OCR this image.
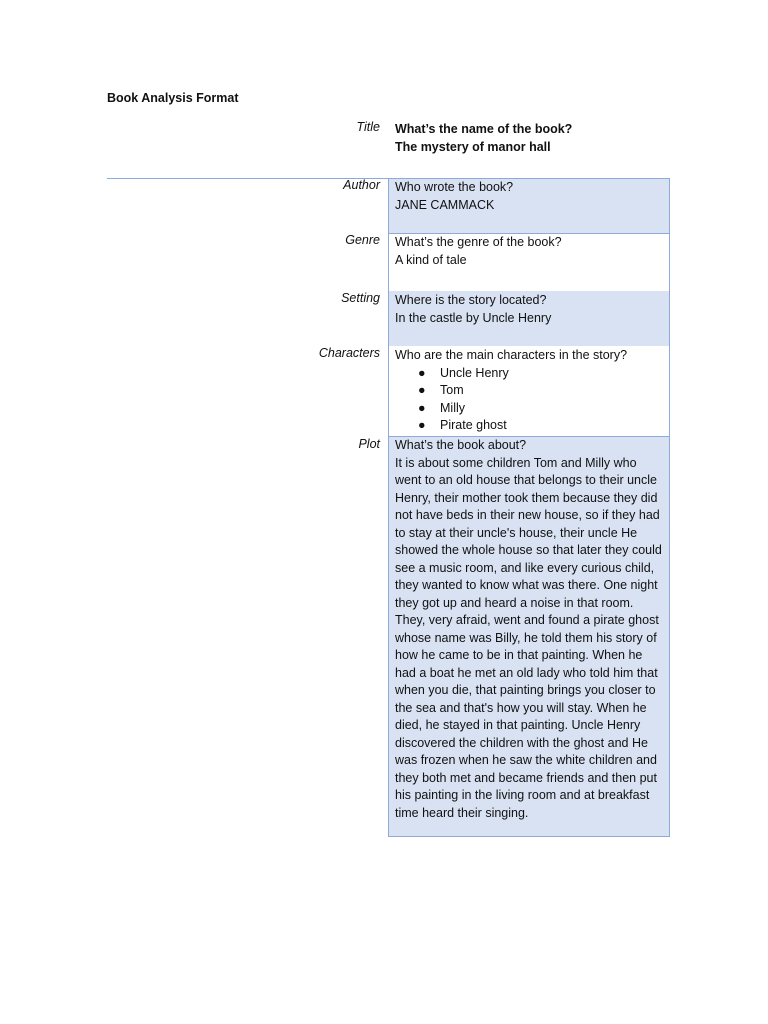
Book Analysis Format
Title What’s the name of the book?
The mystery of manor hall
Author Who wrote the book?
JANE CAMMACK
Genre What’s the genre of the book?
A kind of tale
Setting Where is the story located?
In the castle by Uncle Henry
Characters Who are the main characters in the story?
● Uncle Henry
● Tom
● Milly
● Pirate ghost
Plot What’s the book about?
It is about some children Tom and Milly who went to an old house that belongs to their uncle Henry, their mother took them because they did not have beds in their new house, so if they had to stay at their uncle's house, their uncle He showed the whole house so that later they could see a music room, and like every curious child, they wanted to know what was there. One night they got up and heard a noise in that room. They, very afraid, went and found a pirate ghost whose name was Billy, he told them his story of how he came to be in that painting. When he had a boat he met an old lady who told him that when you die, that painting brings you closer to the sea and that's how you will stay. When he died, he stayed in that painting. Uncle Henry discovered the children with the ghost and He was frozen when he saw the white children and they both met and became friends and then put his painting in the living room and at breakfast time heard their singing.
